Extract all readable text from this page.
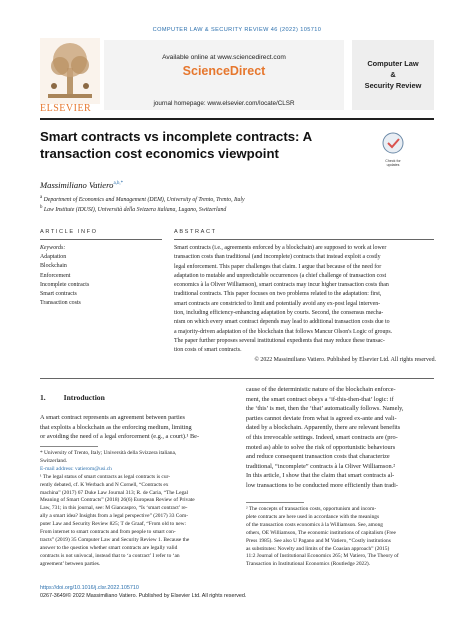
COMPUTER LAW & SECURITY REVIEW 46 (2022) 105710
ELSEVIER
Available online at www.sciencedirect.com
ScienceDirect
journal homepage: www.elsevier.com/locate/CLSR
Computer Law
&
Security Review
Smart contracts vs incomplete contracts: A
transaction cost economics viewpoint	Check for updates
Massimiliano Vatiero$^{a,b,*}$
$^a$ Department of Economics and Management (DEM), University of Trento, Trento, Italy
$^b$ Law Institute (IDUSI), Università della Svizzera italiana, Lugano, Switzerland
ARTICLE INFO
Keywords:
Adaptation
Blockchain
Enforcement
Incomplete contracts
Smart contracts
Transaction costs
ABSTRACT
Smart contracts (i.e., agreements enforced by a blockchain) are supposed to work at lower
transaction costs than traditional (and incomplete) contracts that instead exploit a costly
legal enforcement. This paper challenges that claim. I argue that because of the need for
adaptation to mutable and unpredictable occurrences (a chief challenge of transaction cost
economics à la Oliver Williamson), smart contracts may incur higher transaction costs than
traditional contracts. This paper focuses on two problems related to the adaptation: first,
smart contracts are constricted to limit and potentially avoid any ex-post legal interven-
tion, including efficiency-enhancing adaptation by courts. Second, the consensus mecha-
nism on which every smart contract depends may lead to additional transaction costs due to
a majority-driven adaptation of the blockchain that follows Mancur Olson's Logic of groups.
The paper further proposes several institutional expedients that may reduce these transac-
tion costs of smart contracts.
© 2022 Massimiliano Vatiero. Published by Elsevier Ltd. All rights reserved.
1. Introduction
A smart contract represents an agreement between parties
that exploits a blockchain as the enforcing medium, limiting
or avoiding the need of a legal enforcement (e.g., a court).¹ Be-
* University of Trento, Italy; Università della Svizzera italiana,
Switzerland.
E-mail address: vatierom@usi.ch
¹ The legal status of smart contracts as legal contracts is cur-
rently debated, cf. K Werbach and N Cornell, “Contracts ex
machina” (2017) 67 Duke Law Journal 313; R. de Caria, “The Legal
Meaning of Smart Contracts” (2018) 26(6) European Review of Private
Law, 731; in this journal, see: M Giancaspro, “Is ‘smart contract’ re-
ally a smart idea? Insights from a legal perspective” (2017) 33 Com-
puter Law and Security Review 825; T de Graaf, “From old to new:
From internet to smart contracts and from people to smart con-
tracts” (2019) 35 Computer Law and Security Review 1. Because the
answer to the question whether smart contracts are legally valid
contracts is not univocal, instead that to ‘a contract’ I refer to ‘an
agreement’ between parties.
cause of the deterministic nature of the blockchain enforce-
ment, the smart contract obeys a ‘if-this-then-that’ logic: if
the ‘this’ is met, then the ‘that’ automatically follows. Namely,
parties cannot deviate from what is agreed ex-ante and vali-
dated by a blockchain. Apparently, there are relevant benefits
of this irrevocable settings. Indeed, smart contracts are (pro-
moted as) able to solve the risk of opportunistic behaviours
and reduce consequent transaction costs that characterize
traditional, “incomplete” contracts à la Oliver Williamson.²
In this article, I show that the claim that smart contracts al-
low transactions to be conducted more efficiently than tradi-
² The concepts of transaction costs, opportunism and incom-
plete contracts are here used in accordance with the meanings
of the transaction costs economics à la Williamson. See, among
others, OE Williamson, The economic institutions of capitalism (Free
Press 1985). See also U Pagano and M Vatiero, “Costly institutions
as substitutes: Novelty and limits of the Coasian approach” (2015)
11:2 Journal of Institutional Economics 265; M Vatiero, The Theory of
Transaction in Institutional Economics (Routledge 2022).
https://doi.org/10.1016/j.clsr.2022.105710
0267-3649/© 2022 Massimiliano Vatiero. Published by Elsevier Ltd. All rights reserved.
